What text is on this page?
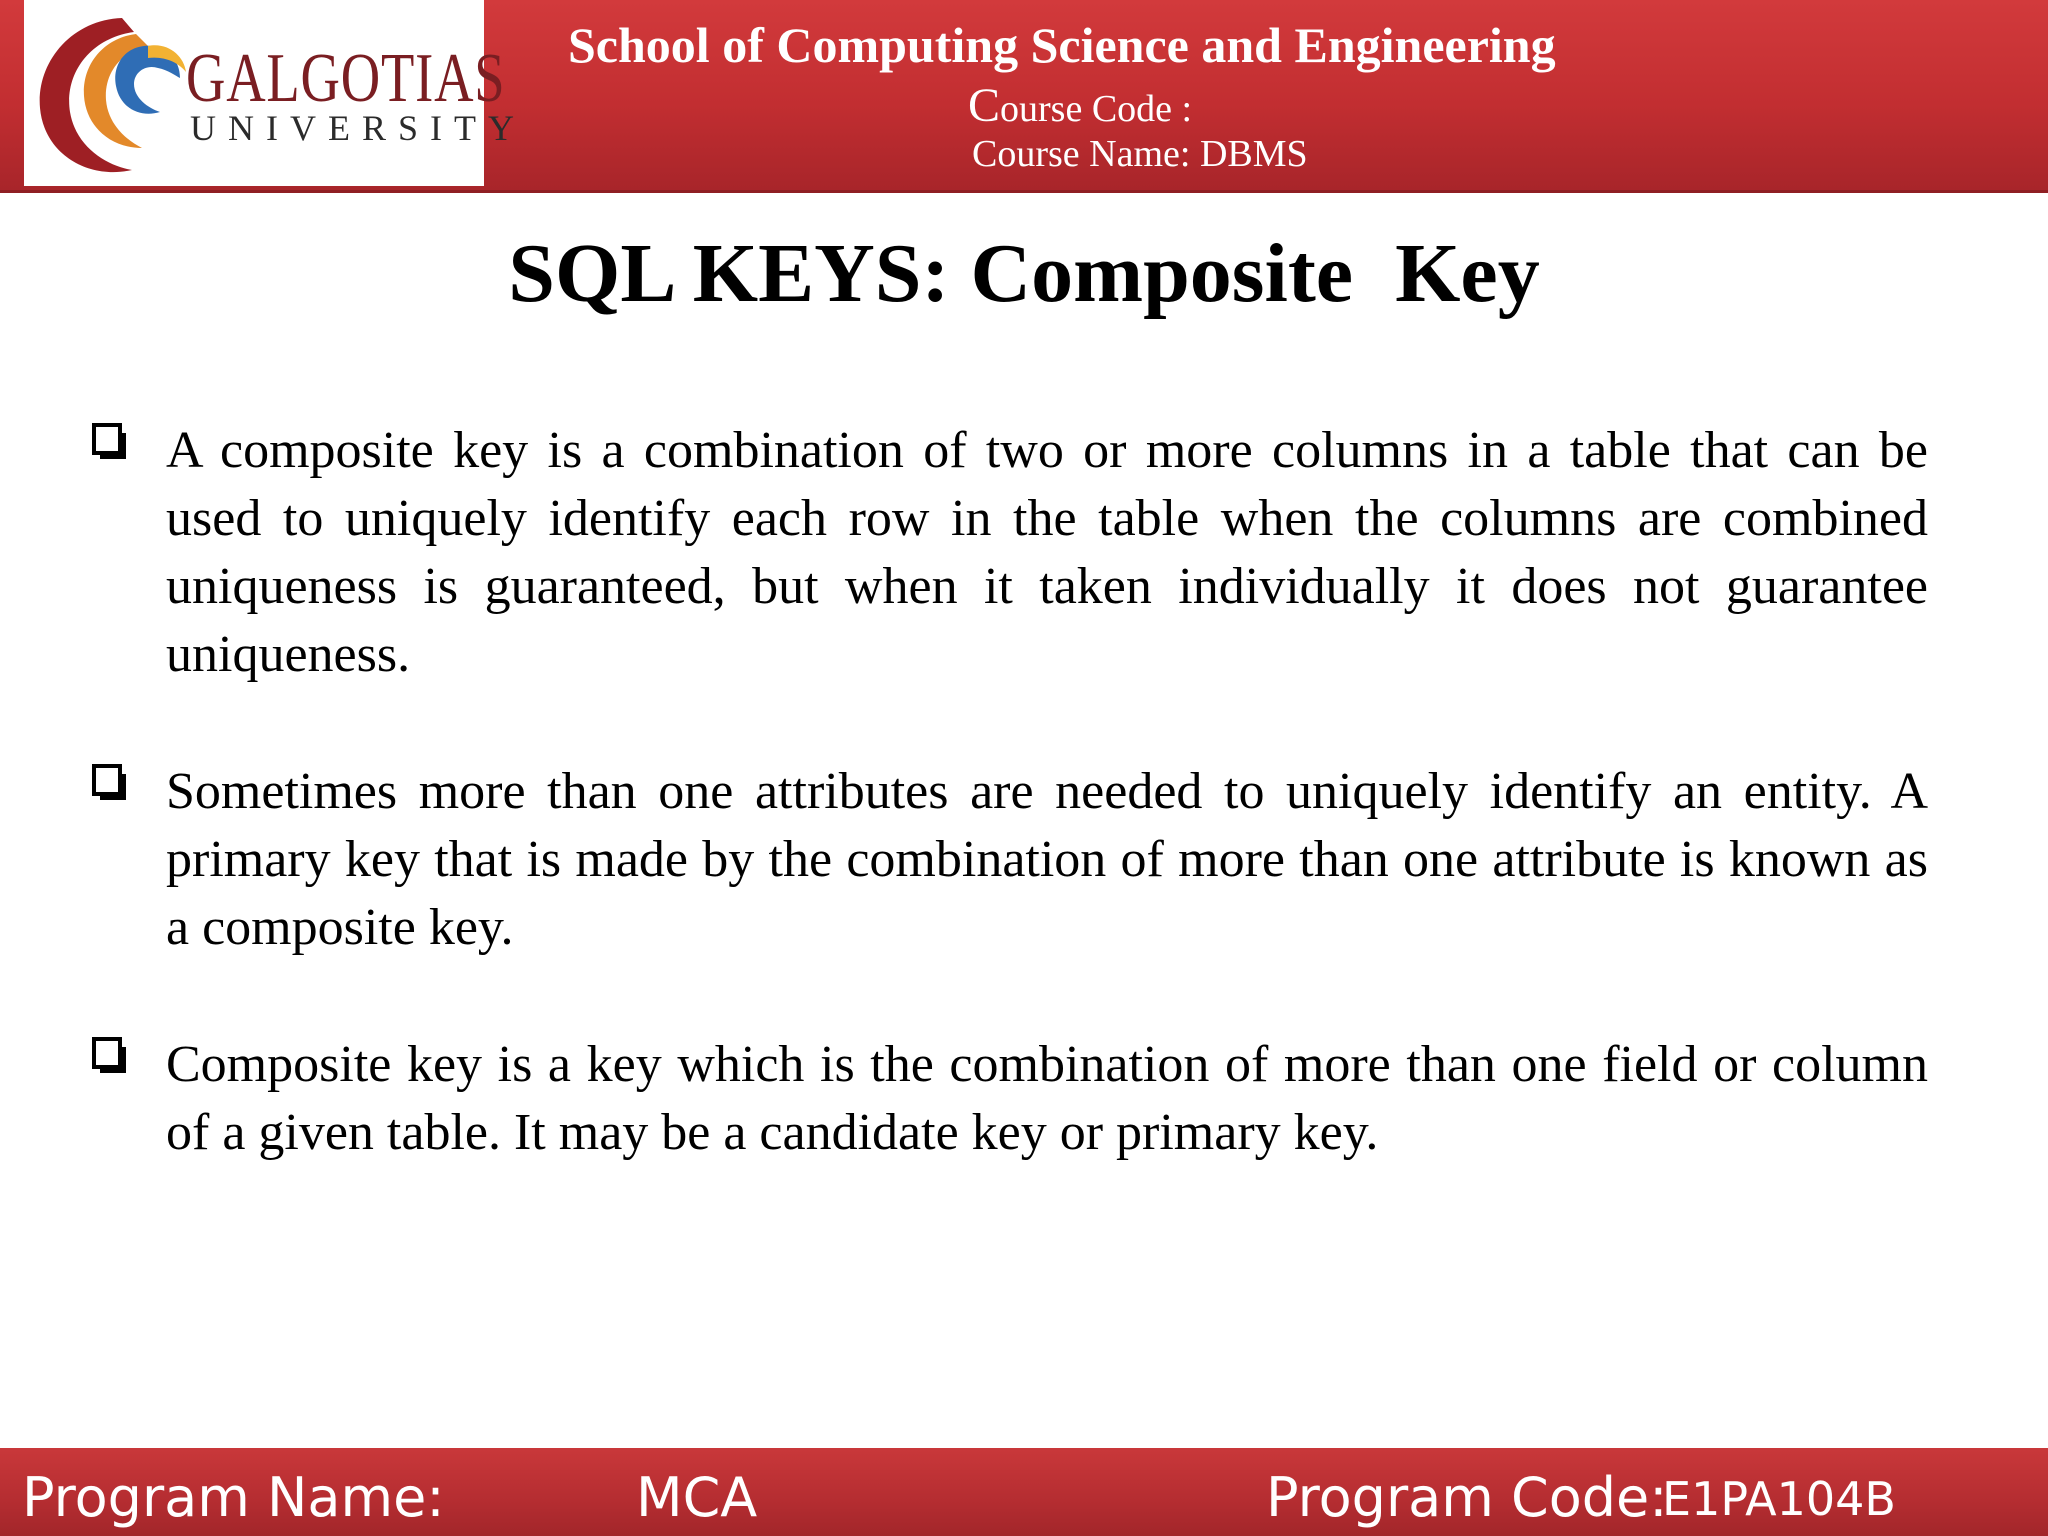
GALGOTIAS
UNIVERSITY
School of Computing Science and Engineering
Course Code :
Course Name: DBMS
SQL KEYS: Composite  Key
A composite key is a combination of two or more columns in a table that can be used to uniquely identify each row in the table when the columns are combined uniqueness is guaranteed, but when it taken individually it does not guarantee uniqueness.
Sometimes more than one attributes are needed to uniquely identify an entity. A primary key that is made by the combination of more than one attribute is known as a composite key.
Composite key is a key which is the combination of more than one field or column of a given table. It may be a candidate key or primary key.
Program Name:	MCA	Program Code:
E1PA104B
